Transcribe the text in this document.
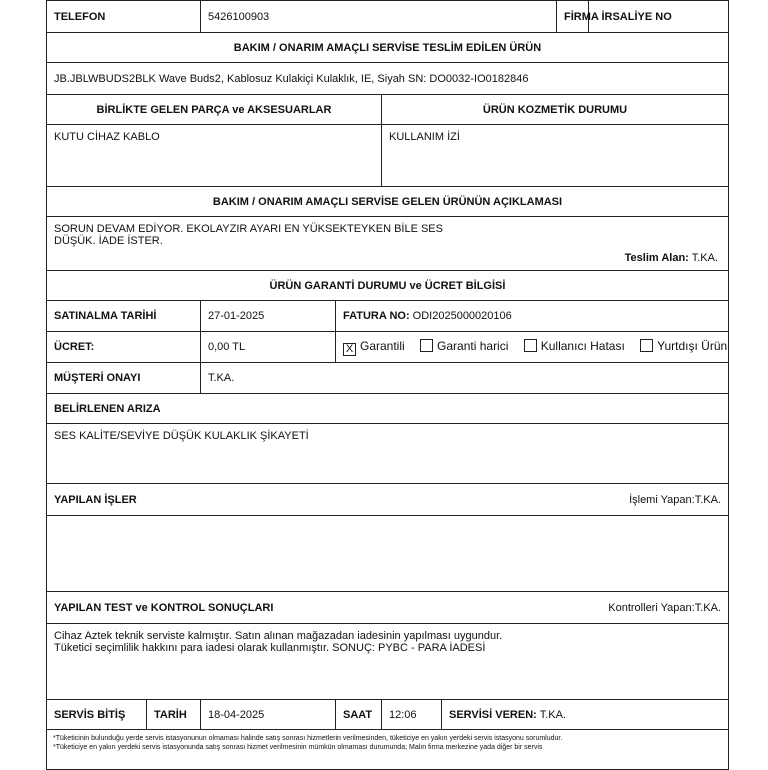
TELEFON		5426100903				FİRMA İRSALİYE NO	
BAKIM / ONARIM AMAÇLI SERVİSE TESLİM EDİLEN ÜRÜN							
JB.JBLWBUDS2BLK Wave Buds2, Kablosuz Kulakiçi Kulaklık, IE, Siyah SN: DO0032-IO0182846							
BİRLİKTE GELEN PARÇA ve AKSESUARLAR				ÜRÜN KOZMETİK DURUMU			
KUTU CİHAZ KABLO				KULLANIM İZİ			
BAKIM / ONARIM AMAÇLI SERVİSE GELEN ÜRÜNÜN AÇIKLAMASI							

SORUN DEVAM EDİYOR. EKOLAYZIR AYARI EN YÜKSEKTEYKEN BİLE SES
DÜŞÜK. İADE İSTER.
Teslim Alan: T.KA.							

ÜRÜN GARANTİ DURUMU ve ÜCRET BİLGİSİ							
SATINALMA TARİHİ		27-01-2025	FATURA NO: ODI2025000020106				
ÜCRET:		0,00 TL	X Garantili Garanti harici Kullanıcı Hatası Yurtdışı Ürün				
MÜŞTERİ ONAYI		T.KA.					
BELİRLENEN ARIZA							
SES KALİTE/SEVİYE DÜŞÜK KULAKLIK ŞİKAYETİ							
YAPILAN İŞLER İşlemi Yapan:T.KA.							

YAPILAN TEST ve KONTROL SONUÇLARI Kontrolleri Yapan:T.KA.							

Cihaz Aztek teknik serviste kalmıştır. Satın alınan mağazadan iadesinin yapılması uygundur.
Tüketici seçimlilik hakkını para iadesi olarak kullanmıştır. SONUÇ: PYBC - PARA İADESİ							

SERVİS BİTİŞ	TARİH	18-04-2025	SAAT	12:06	SERVİSİ VEREN: T.KA.		

*Tüketicinin bulunduğu yerde servis istasyonunun olmaması halinde satış sonrası hizmetlerin verilmesinden, tüketiciye en yakın yerdeki servis istasyonu sorumludur.
*Tüketiciye en yakın yerdeki servis istasyonunda satış sonrası hizmet verilmesinin mümkün olmaması durumunda; Malın firma merkezine yada diğer bir servis							
